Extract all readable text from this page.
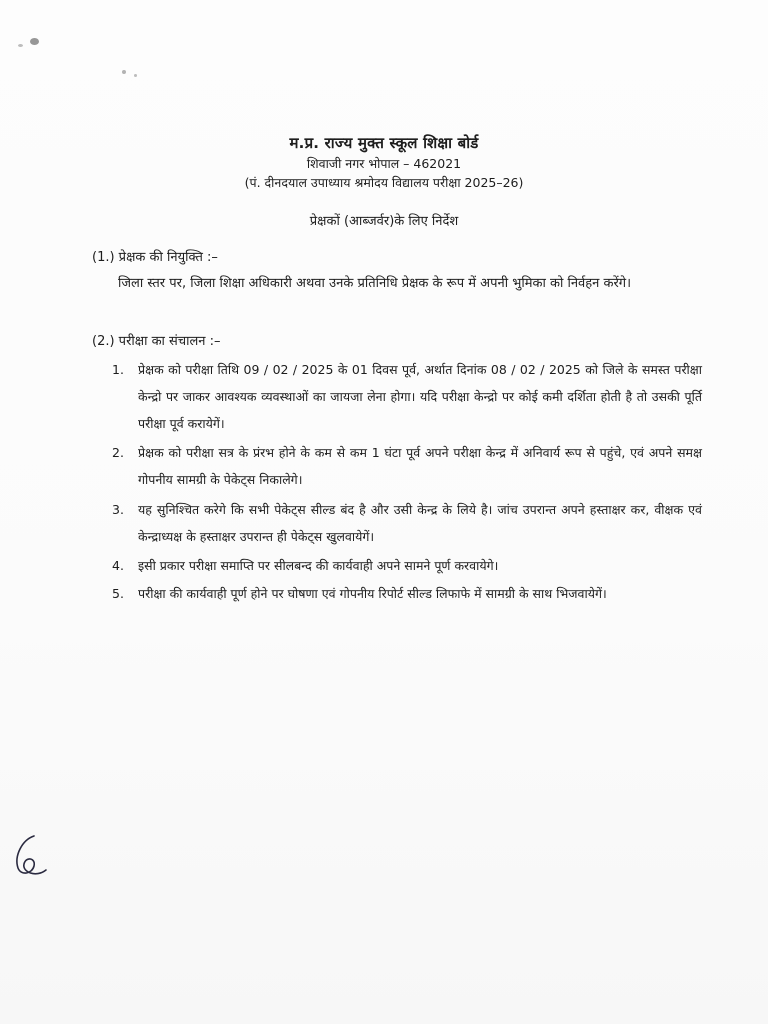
म.प्र. राज्य मुक्त स्कूल शिक्षा बोर्ड
शिवाजी नगर भोपाल – 462021
(पं. दीनदयाल उपाध्याय श्रमोदय विद्यालय परीक्षा 2025–26)
प्रेक्षकों (आब्जर्वर)के लिए निर्देश
(1.) प्रेक्षक की नियुक्ति :–
जिला स्तर पर, जिला शिक्षा अधिकारी अथवा उनके प्रतिनिधि प्रेक्षक के रूप में अपनी भुमिका को निर्वहन करेंगे।
(2.) परीक्षा का संचालन :–
1.	प्रेक्षक को परीक्षा तिथि 09 / 02 / 2025 के 01 दिवस पूर्व, अर्थात दिनांक 08 / 02 / 2025 को जिले के समस्त परीक्षा केन्द्रो पर जाकर आवश्यक व्यवस्थाओं का जायजा लेना होगा। यदि परीक्षा केन्द्रो पर कोई कमी दर्शिता होती है तो उसकी पूर्ति परीक्षा पूर्व करायेगें।
2.	प्रेक्षक को परीक्षा सत्र के प्रंरभ होने के कम से कम 1 घंटा पूर्व अपने परीक्षा केन्द्र में अनिवार्य रूप से पहुंचे, एवं अपने समक्ष गोपनीय सामग्री के पेकेट्स निकालेगे।
3.	यह सुनिश्चित करेगे कि सभी पेकेट्स सील्ड बंद है और उसी केन्द्र के लिये है। जांच उपरान्त अपने हस्ताक्षर कर, वीक्षक एवं केन्द्राध्यक्ष के हस्ताक्षर उपरान्त ही पेकेट्स खुलवायेगें।
4.	इसी प्रकार परीक्षा समाप्ति पर सीलबन्द की कार्यवाही अपने सामने पूर्ण करवायेगे।
5.	परीक्षा की कार्यवाही पूर्ण होने पर घोषणा एवं गोपनीय रिपोर्ट सील्ड लिफाफे में सामग्री के साथ भिजवायेगें।
